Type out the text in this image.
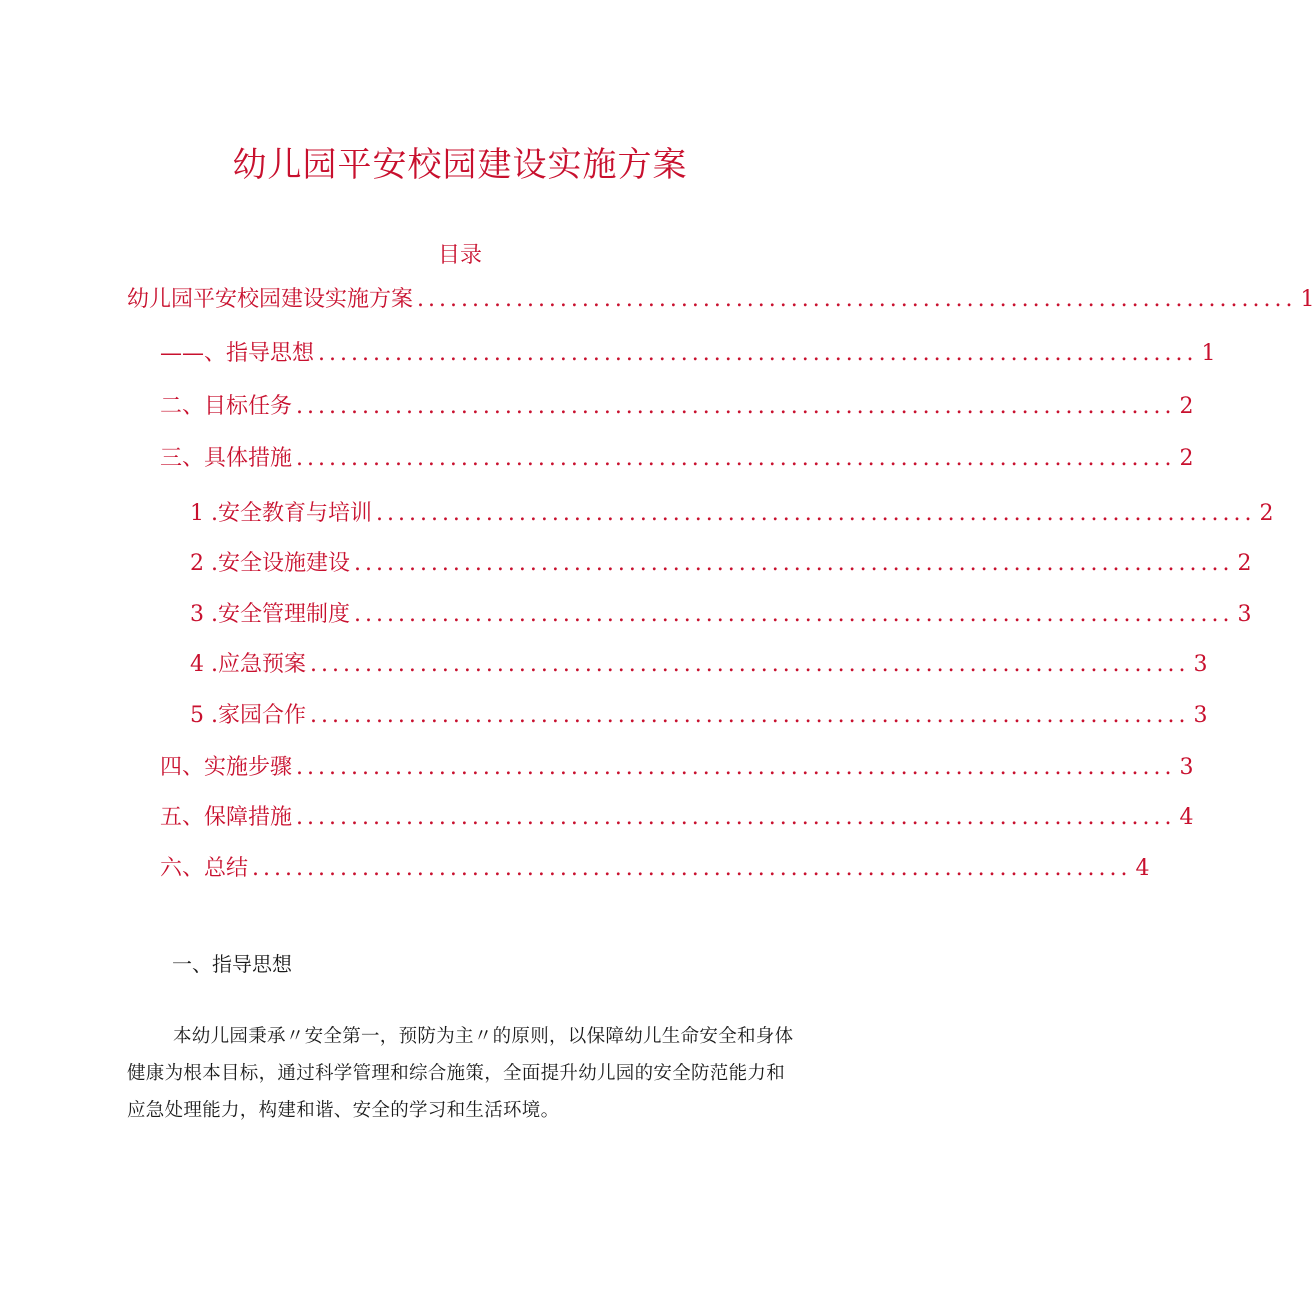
幼儿园平安校园建设实施方案
目录
幼儿园平安校园建设实施方案 ................................................................................ 1
——、指导思想 ................................................................................ 1
二、目标任务 ................................................................................ 2
三、具体措施 ................................................................................ 2
1 .安全教育与培训 ................................................................................ 2
2 .安全设施建设 ................................................................................ 2
3 .安全管理制度 ................................................................................ 3
4 .应急预案 ................................................................................ 3
5 .家园合作 ................................................................................ 3
四、实施步骤 ................................................................................ 3
五、保障措施 ................................................................................ 4
六、总结 ................................................................................ 4
一、指导思想
本幼儿园秉承〃安全第一，预防为主〃的原则，以保障幼儿生命安全和身体健康为根本目标，通过科学管理和综合施策，全面提升幼儿园的安全防范能力和应急处理能力，构建和谐、安全的学习和生活环境。
